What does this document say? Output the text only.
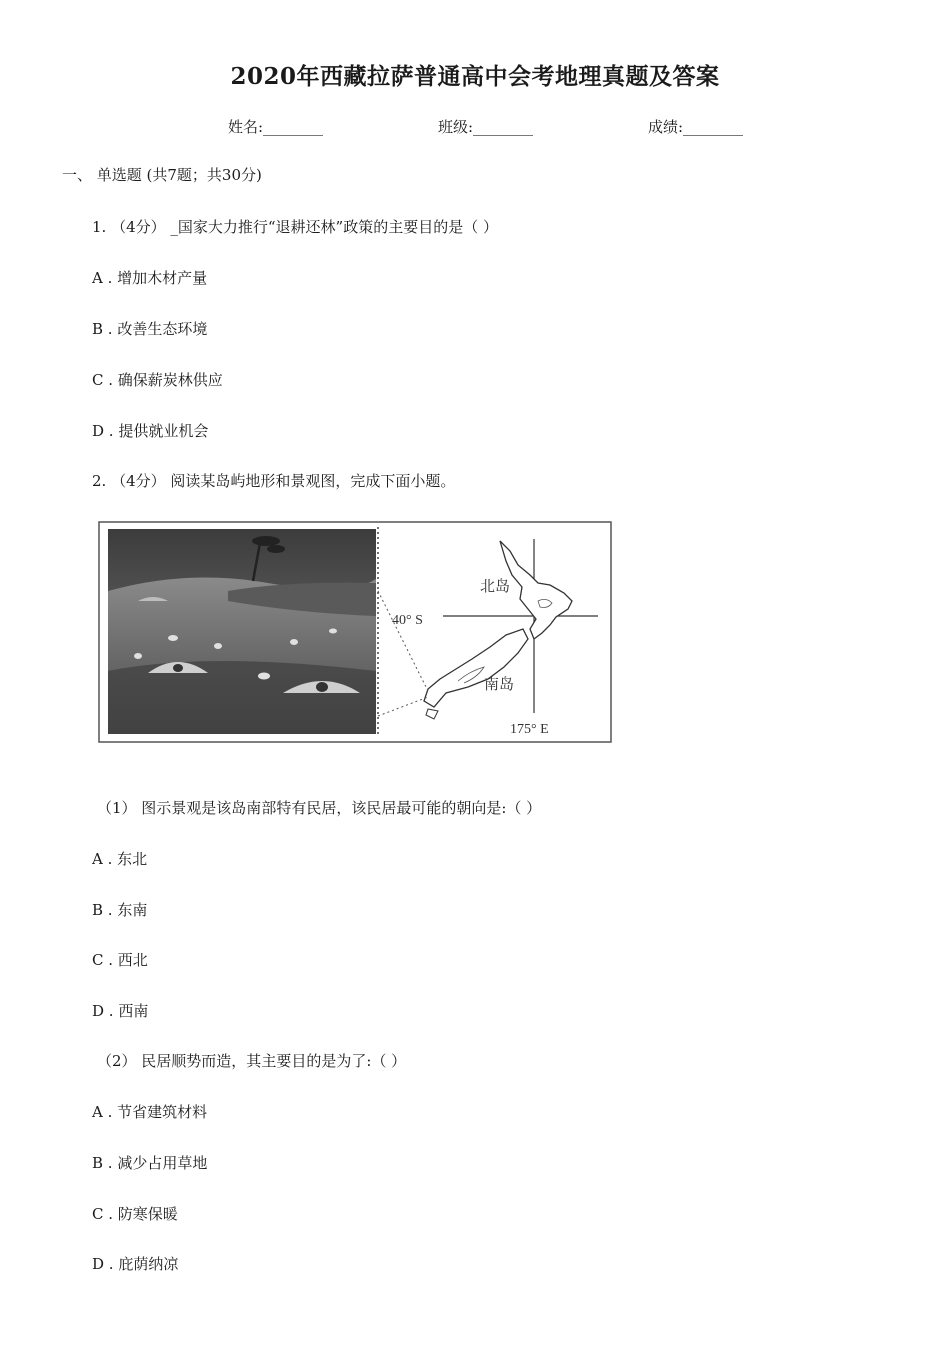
2020年西藏拉萨普通高中会考地理真题及答案
姓名:________	班级:________	成绩:________
一、 单选题 (共7题；共30分)
1. （4分） _国家大力推行“退耕还林”政策的主要目的是（ ）
A . 增加木材产量
B . 改善生态环境
C . 确保薪炭林供应
D . 提供就业机会
2. （4分） 阅读某岛屿地形和景观图，完成下面小题。
北岛
南岛
40° S
175° E
（1） 图示景观是该岛南部特有民居，该民居最可能的朝向是:（ ）
A . 东北
B . 东南
C . 西北
D . 西南
（2） 民居顺势而造，其主要目的是为了:（ ）
A . 节省建筑材料
B . 减少占用草地
C . 防寒保暖
D . 庇荫纳凉
